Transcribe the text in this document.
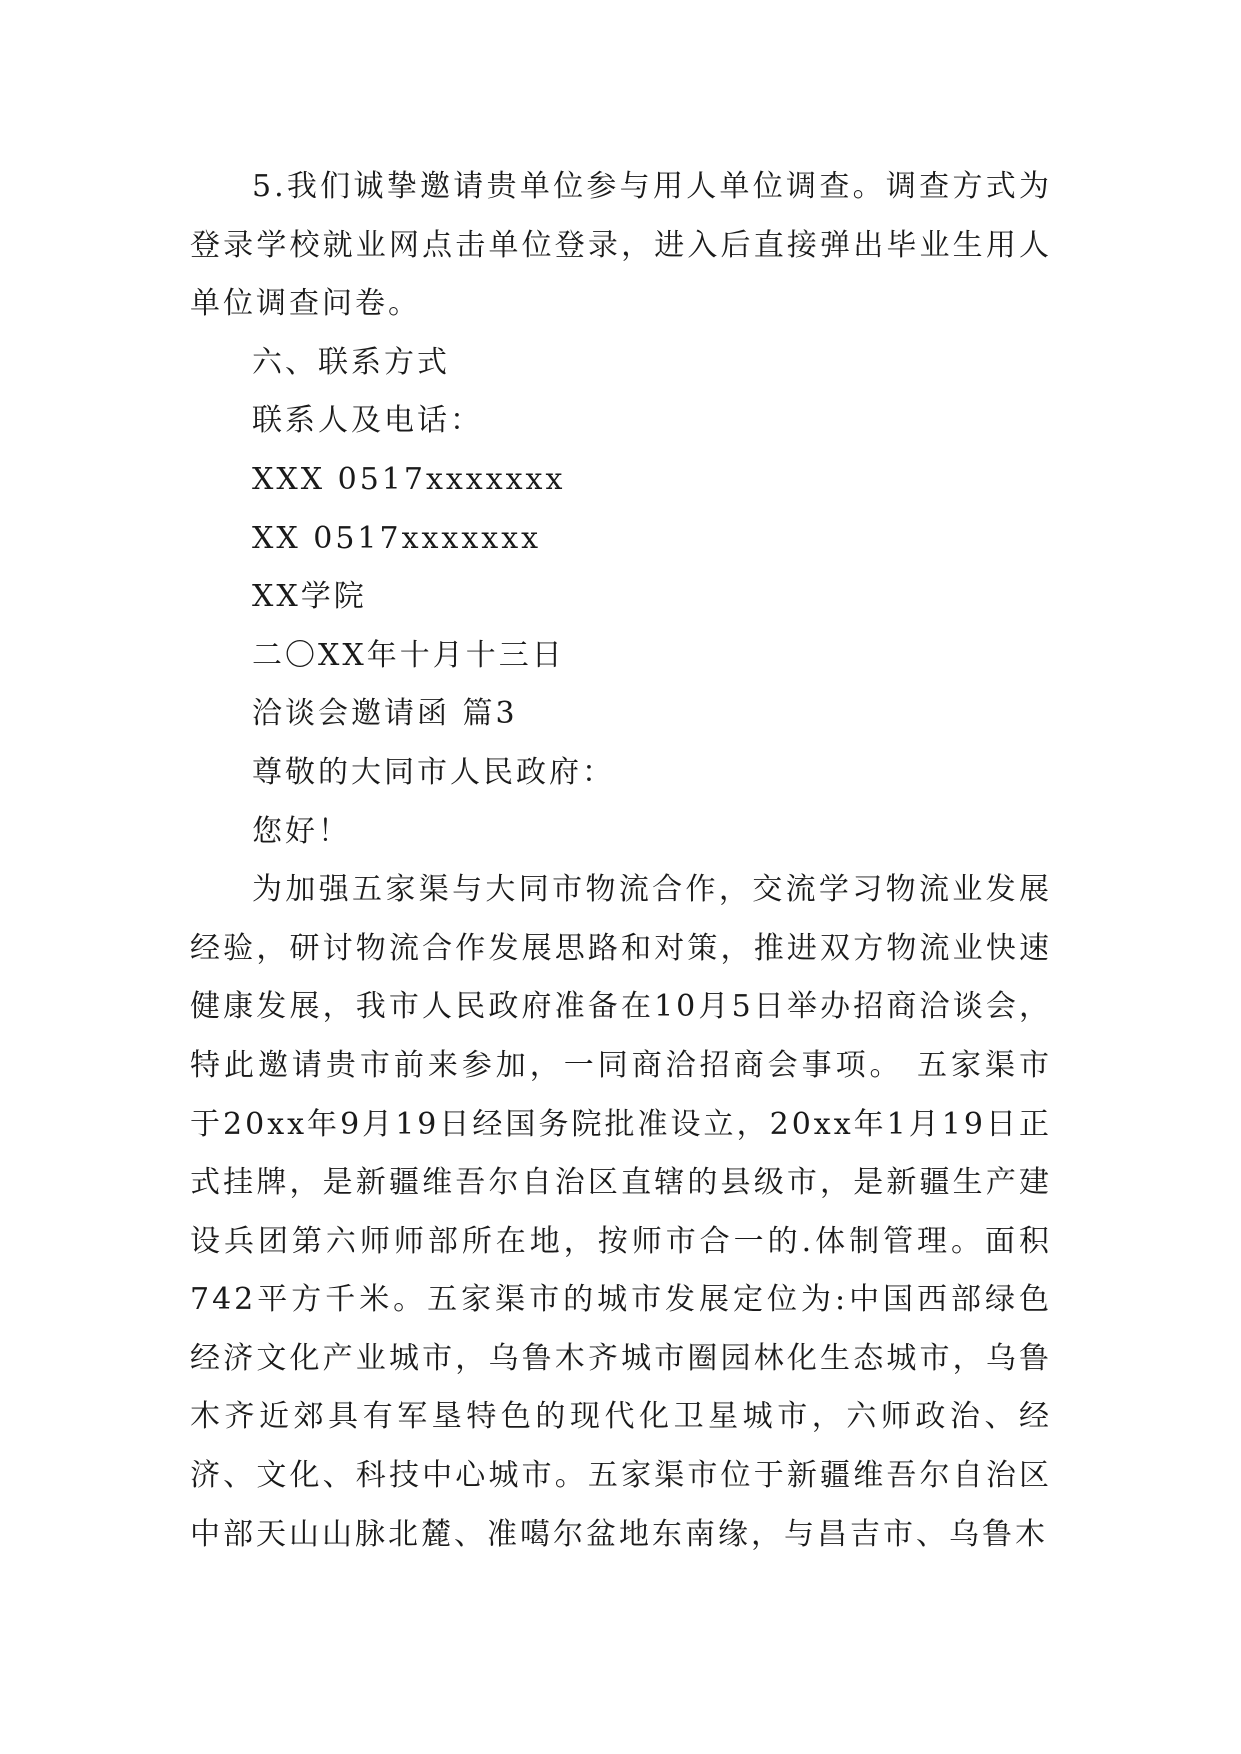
5.我们诚挚邀请贵单位参与用人单位调查。调查方式为登录学校就业网点击单位登录，进入后直接弹出毕业生用人单位调查问卷。

六、联系方式

联系人及电话：

XXX 0517xxxxxxx

XX 0517xxxxxxx

XX学院

二〇XX年十月十三日

洽谈会邀请函 篇3

尊敬的大同市人民政府：

您好！

为加强五家渠与大同市物流合作，交流学习物流业发展经验，研讨物流合作发展思路和对策，推进双方物流业快速健康发展，我市人民政府准备在10月5日举办招商洽谈会，特此邀请贵市前来参加，一同商洽招商会事项。 五家渠市于20xx年9月19日经国务院批准设立，20xx年1月19日正式挂牌，是新疆维吾尔自治区直辖的县级市，是新疆生产建设兵团第六师师部所在地，按师市合一的.体制管理。面积742平方千米。五家渠市的城市发展定位为:中国西部绿色经济文化产业城市，乌鲁木齐城市圈园林化生态城市，乌鲁木齐近郊具有军垦特色的现代化卫星城市，六师政治、经济、文化、科技中心城市。五家渠市位于新疆维吾尔自治区中部天山山脉北麓、准噶尔盆地东南缘，与昌吉市、乌鲁木
